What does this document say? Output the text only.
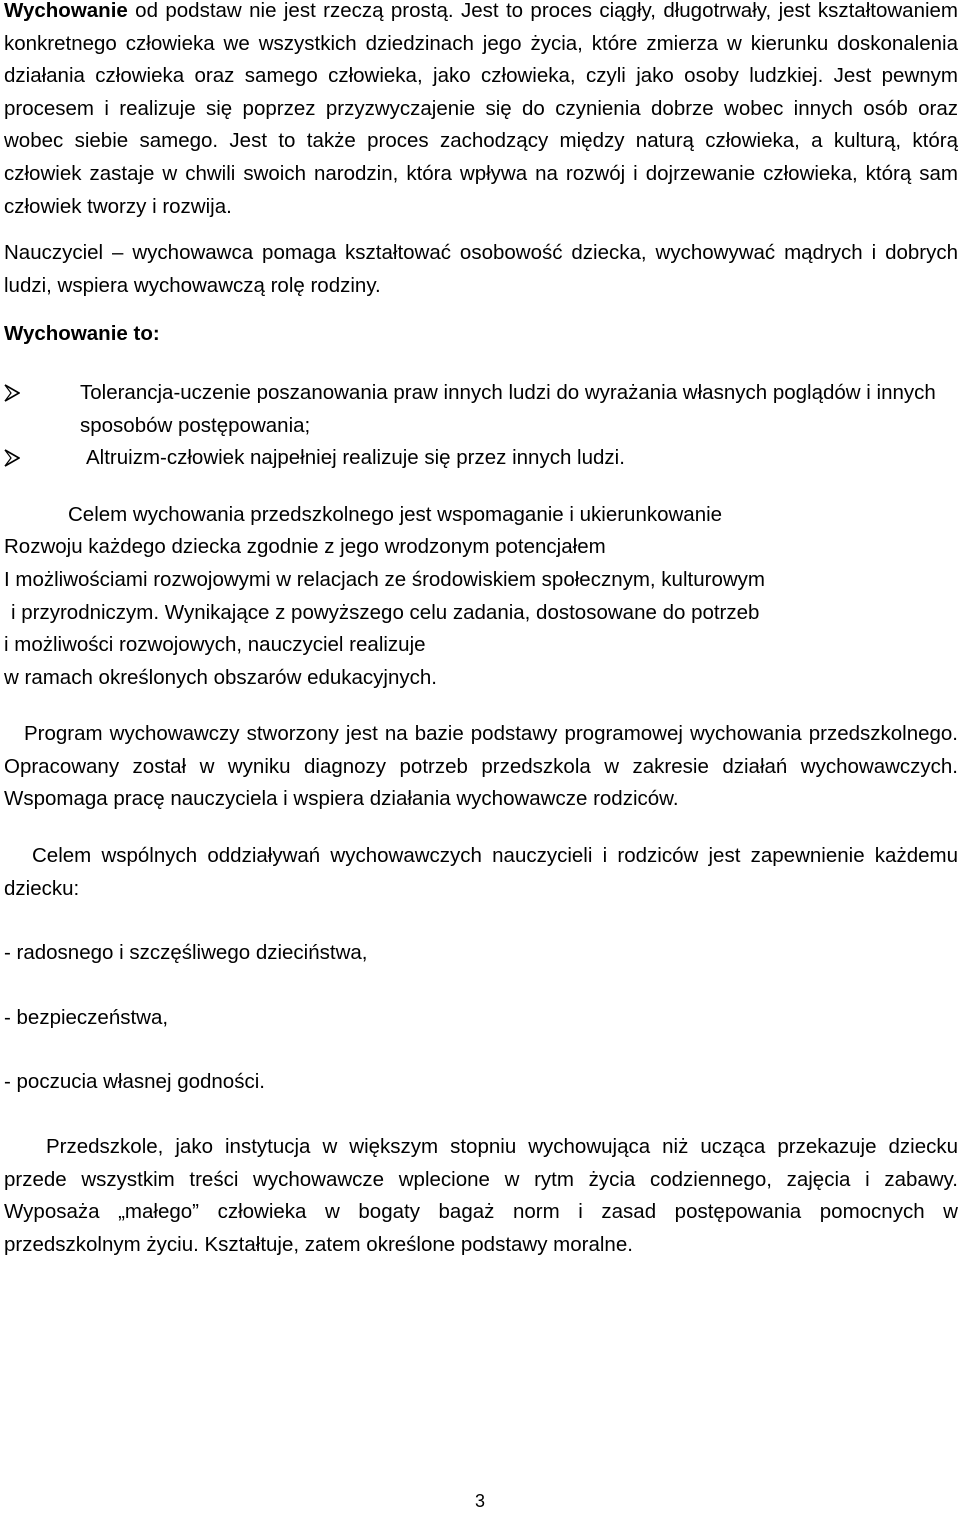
Wychowanie od podstaw nie jest rzeczą prostą. Jest to proces ciągły, długotrwały, jest kształtowaniem konkretnego człowieka we wszystkich dziedzinach jego życia, które zmierza w kierunku doskonalenia działania człowieka oraz samego człowieka, jako człowieka, czyli jako osoby ludzkiej. Jest pewnym procesem i realizuje się poprzez przyzwyczajenie się do czynienia dobrze wobec innych osób oraz wobec siebie samego. Jest to także proces zachodzący między naturą człowieka, a kulturą, którą człowiek zastaje w chwili swoich narodzin, która wpływa na rozwój i dojrzewanie człowieka, którą sam człowiek tworzy i rozwija.

Nauczyciel – wychowawca pomaga kształtować osobowość dziecka, wychowywać mądrych i dobrych ludzi, wspiera wychowawczą rolę rodziny.

Wychowanie to:

Tolerancja-uczenie poszanowania praw innych ludzi do wyrażania własnych poglądów i innych sposobów postępowania;
Altruizm-człowiek najpełniej realizuje się przez innych ludzi.

Celem wychowania przedszkolnego jest wspomaganie i ukierunkowanie

Rozwoju każdego dziecka zgodnie z jego wrodzonym potencjałem

I możliwościami rozwojowymi w relacjach ze środowiskiem społecznym, kulturowym

i przyrodniczym. Wynikające z powyższego celu zadania, dostosowane do potrzeb

i możliwości rozwojowych, nauczyciel realizuje

w ramach określonych obszarów edukacyjnych.

Program wychowawczy stworzony jest na bazie podstawy programowej wychowania przedszkolnego. Opracowany został w wyniku diagnozy potrzeb przedszkola w zakresie działań wychowawczych. Wspomaga pracę nauczyciela i wspiera działania wychowawcze rodziców.

Celem wspólnych oddziaływań wychowawczych nauczycieli i rodziców jest zapewnienie każdemu dziecku:

- radosnego i szczęśliwego dzieciństwa,

- bezpieczeństwa,

- poczucia własnej godności.

Przedszkole, jako instytucja w większym stopniu wychowująca niż ucząca przekazuje dziecku przede wszystkim treści wychowawcze wplecione w rytm życia codziennego, zajęcia i zabawy. Wyposaża „małego” człowieka w bogaty bagaż norm i zasad postępowania pomocnych w przedszkolnym życiu. Kształtuje, zatem określone podstawy moralne.

3
